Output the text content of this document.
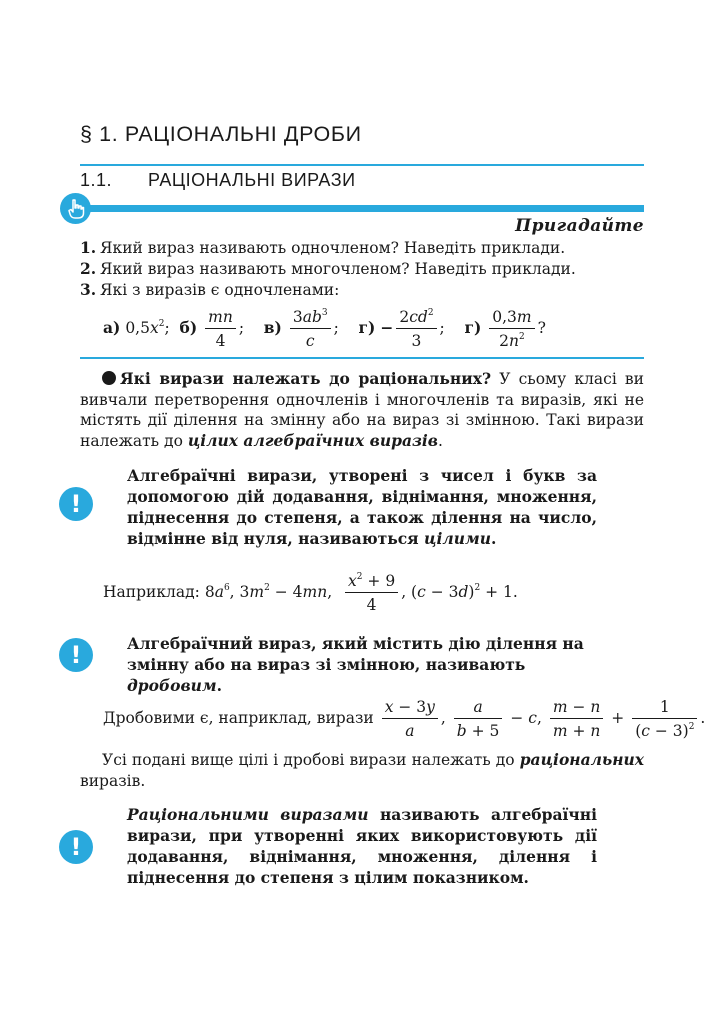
§ 1. РАЦІОНАЛЬНІ ДРОБИ
1.1. РАЦІОНАЛЬНІ ВИРАЗИ
Пригадайте
1. Який вираз називають одночленом? Наведіть приклади.
2. Який вираз називають многочленом? Наведіть приклади.
3. Які з виразів є одночленами:
а) $0,5x^2$;  $б) \frac{mn}{4}$ ;    $в) \frac{3ab^3}{c}$ ;    $г) - \frac{2cd^2}{3}$ ;    $г) \frac{0,3m}{2n^2}$ ?
Які вирази належать до раціональних? У сьому класі ви вивчали перетворення одночленів і многочленів та виразів, які не містять дії ділення на змінну або на вираз зі змінною. Такі вирази належать до цілих алгебраїчних виразів.
!
Алгебраїчні вирази, утворені з чисел і букв за допомогою дій додавання, віднімання, множення, піднесення до степеня, а також ділення на число, відмінне від нуля, називаються цілими.
Наприклад: $8a^6$, $3m^2 - 4mn$, $\frac{x^2 + 9}{4}$ , $(c - 3d)^2 + 1$.
!	Алгебраїчний вираз, який містить дію ділення на змінну або на вираз зі змінною, називають дробовим.
Дробовими є, наприклад, вирази $\frac{x - 3y}{a}$ , $\frac{a}{b + 5} - c$, $\frac{m - n}{m + n} + \frac{1}{(c - 3)^2}$ .
Усі подані вище цілі і дробові вирази належать до раціональних виразів.
!
Раціональними виразами називають алгебраїчні вирази, при утворенні яких використовують дії додавання, віднімання, множення, ділення і піднесення до степеня з цілим показником.
